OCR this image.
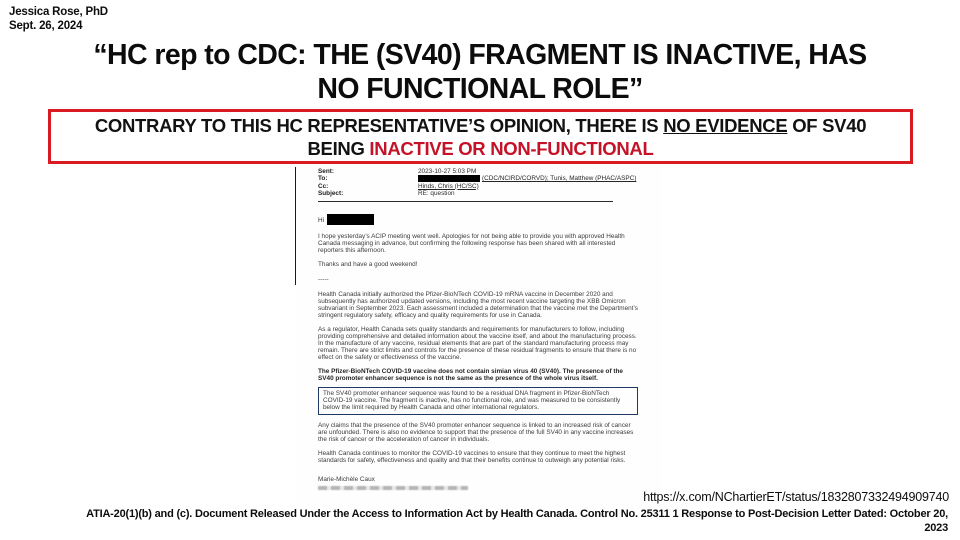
Jessica Rose, PhD
Sept. 26, 2024
“HC rep to CDC: THE (SV40) FRAGMENT IS INACTIVE, HAS
NO FUNCTIONAL ROLE”
CONTRARY TO THIS HC REPRESENTATIVE’S OPINION, THERE IS NO EVIDENCE OF SV40
BEING INACTIVE OR NON-FUNCTIONAL
Sent:	2023-10-27 5:03 PM
To:	(CDC/NCIRD/CORVD); Tunis, Matthew (PHAC/ASPC)
Cc:	Hinds, Chris (HC/SC)
Subject:	RE: question
Hi

I hope yesterday’s ACIP meeting went well. Apologies for not being able to provide you with approved Health Canada messaging in advance, but confirming the following response has been shared with all interested reporters this afternoon.

Thanks and have a good weekend!

-----

Health Canada initially authorized the Pfizer-BioNTech COVID-19 mRNA vaccine in December 2020 and subsequently has authorized updated versions, including the most recent vaccine targeting the XBB Omicron subvariant in September 2023. Each assessment included a determination that the vaccine met the Department’s stringent regulatory safety, efficacy and quality requirements for use in Canada.

As a regulator, Health Canada sets quality standards and requirements for manufacturers to follow, including providing comprehensive and detailed information about the vaccine itself, and about the manufacturing process. In the manufacture of any vaccine, residual elements that are part of the standard manufacturing process may remain. There are strict limits and controls for the presence of these residual fragments to ensure that there is no effect on the safety or effectiveness of the vaccine.

The Pfizer-BioNTech COVID-19 vaccine does not contain simian virus 40 (SV40). The presence of the SV40 promoter enhancer sequence is not the same as the presence of the whole virus itself.

The SV40 promoter enhancer sequence was found to be a residual DNA fragment in Pfizer-BioNTech COVID-19 vaccine. The fragment is inactive, has no functional role, and was measured to be consistently below the limit required by Health Canada and other international regulators.

Any claims that the presence of the SV40 promoter enhancer sequence is linked to an increased risk of cancer are unfounded. There is also no evidence to support that the presence of the full SV40 in any vaccine increases the risk of cancer or the acceleration of cancer in individuals.

Health Canada continues to monitor the COVID-19 vaccines to ensure that they continue to meet the highest standards for safety, effectiveness and quality and that their benefits continue to outweigh any potential risks.

Marie-Michèle Caux
https://x.com/NChartierET/status/1832807332494909740
ATIA-20(1)(b) and (c). Document Released Under the Access to Information Act by Health Canada. Control No. 25311 1 Response to Post-Decision Letter Dated: October 20,
2023
